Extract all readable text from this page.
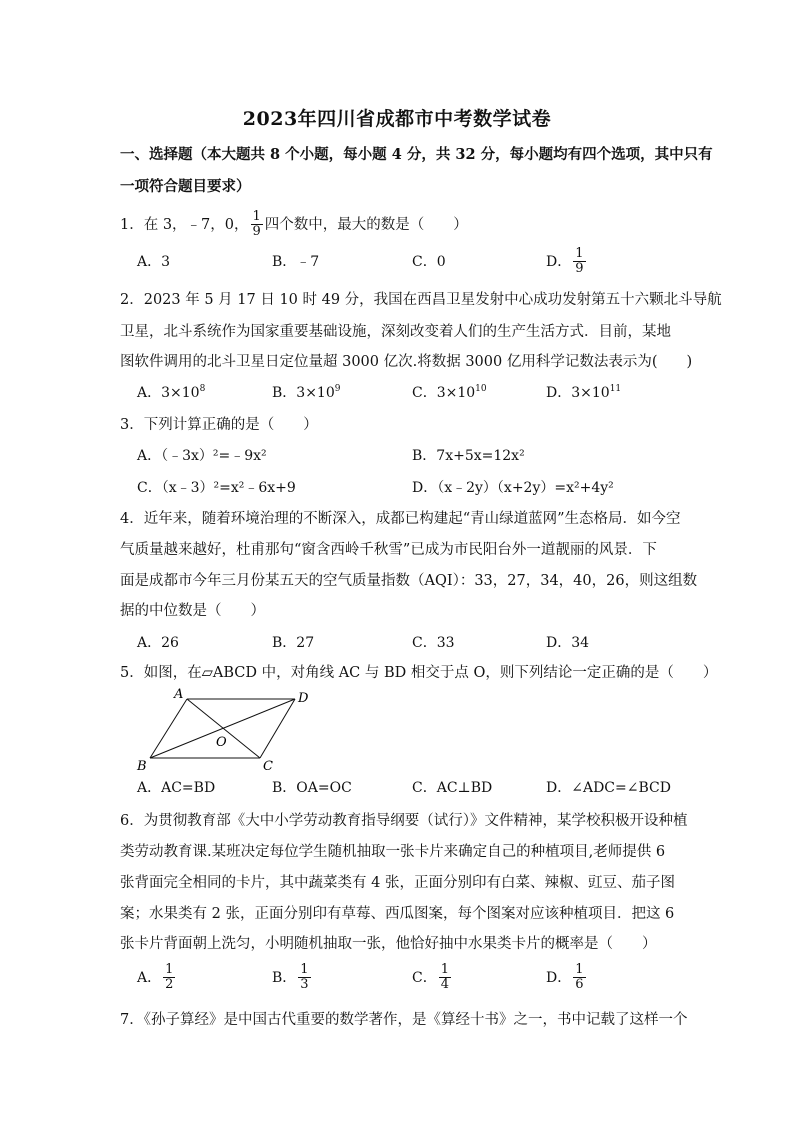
2023年四川省成都市中考数学试卷
一、选择题（本大题共 8 个小题，每小题 4 分，共 32 分，每小题均有四个选项，其中只有
一项符合题目要求）
1．在 3，﹣7，0， $\frac{1}{9}$ 四个数中，最大的数是（　　）
A．3	B．﹣7	C．0	D． $\frac{1}{9}$
2．2023 年 5 月 17 日 10 时 49 分，我国在西昌卫星发射中心成功发射第五十六颗北斗导航
卫星，北斗系统作为国家重要基础设施，深刻改变着人们的生产生活方式．目前，某地
图软件调用的北斗卫星日定位量超 3000 亿次.将数据 3000 亿用科学记数法表示为(　　)
A．$3\times 10^8$	B．$3\times 10^9$	C．$3\times 10^{10}$	D．$3\times 10^{11}$
3．下列计算正确的是（　　）
A．（﹣3x）²=﹣9x²	B．7x+5x=12x²
C．（x﹣3）²=x²﹣6x+9	D．（x﹣2y）（x+2y）=x²+4y²
4．近年来，随着环境治理的不断深入，成都已构建起“青山绿道蓝网”生态格局．如今空
气质量越来越好，杜甫那句“窗含西岭千秋雪”已成为市民阳台外一道靓丽的风景．下
面是成都市今年三月份某五天的空气质量指数（AQI）：33，27，34，40，26，则这组数
据的中位数是（　　）
A．26	B．27	C．33	D．34
5．如图，在▱ABCD 中，对角线 AC 与 BD 相交于点 O，则下列结论一定正确的是（　　）
A	D
B	C
O
A．AC=BD	B．OA=OC	C．AC⊥BD	D．∠ADC=∠BCD
6．为贯彻教育部《大中小学劳动教育指导纲要（试行）》文件精神，某学校积极开设种植
类劳动教育课.某班决定每位学生随机抽取一张卡片来确定自己的种植项目,老师提供 6
张背面完全相同的卡片，其中蔬菜类有 4 张，正面分别印有白菜、辣椒、豇豆、茄子图
案；水果类有 2 张，正面分别印有草莓、西瓜图案，每个图案对应该种植项目．把这 6
张卡片背面朝上洗匀，小明随机抽取一张，他恰好抽中水果类卡片的概率是（　　）
A． $\frac{1}{2}$	B． $\frac{1}{3}$	C． $\frac{1}{4}$	D． $\frac{1}{6}$
7．《孙子算经》是中国古代重要的数学著作，是《算经十书》之一，书中记载了这样一个
